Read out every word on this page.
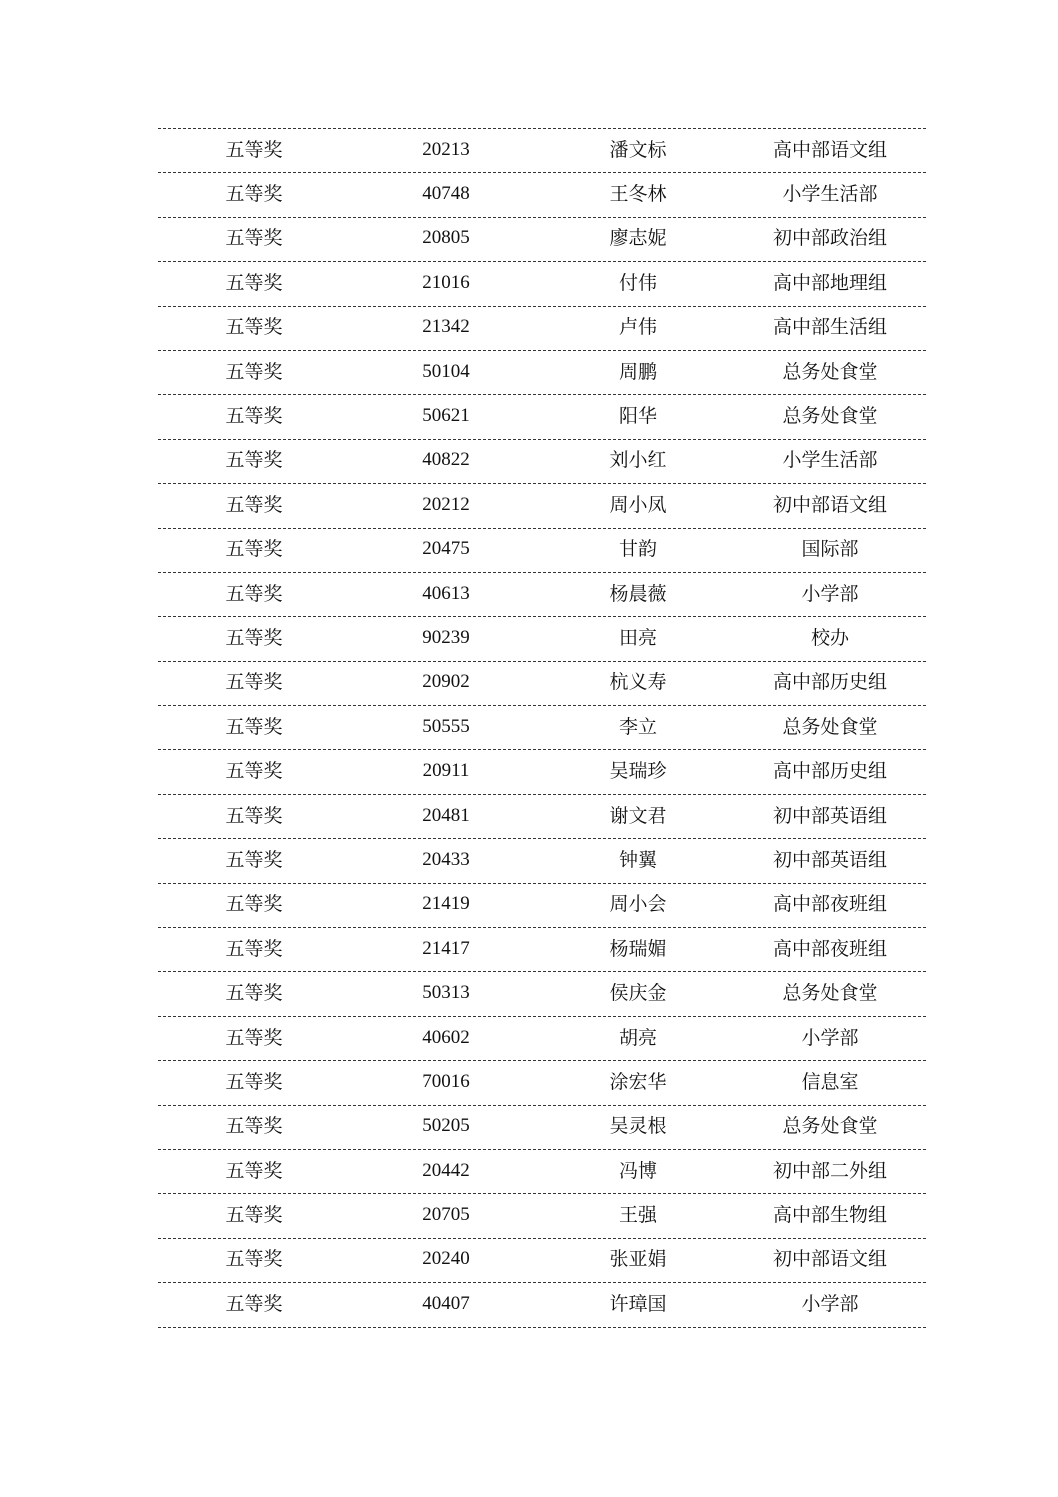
五等奖	20213	潘文标	高中部语文组
五等奖	40748	王冬林	小学生活部
五等奖	20805	廖志妮	初中部政治组
五等奖	21016	付伟	高中部地理组
五等奖	21342	卢伟	高中部生活组
五等奖	50104	周鹏	总务处食堂
五等奖	50621	阳华	总务处食堂
五等奖	40822	刘小红	小学生活部
五等奖	20212	周小凤	初中部语文组
五等奖	20475	甘韵	国际部
五等奖	40613	杨晨薇	小学部
五等奖	90239	田亮	校办
五等奖	20902	杭义寿	高中部历史组
五等奖	50555	李立	总务处食堂
五等奖	20911	吴瑞珍	高中部历史组
五等奖	20481	谢文君	初中部英语组
五等奖	20433	钟翼	初中部英语组
五等奖	21419	周小会	高中部夜班组
五等奖	21417	杨瑞媚	高中部夜班组
五等奖	50313	侯庆金	总务处食堂
五等奖	40602	胡亮	小学部
五等奖	70016	涂宏华	信息室
五等奖	50205	吴灵根	总务处食堂
五等奖	20442	冯博	初中部二外组
五等奖	20705	王强	高中部生物组
五等奖	20240	张亚娟	初中部语文组
五等奖	40407	许璋国	小学部
